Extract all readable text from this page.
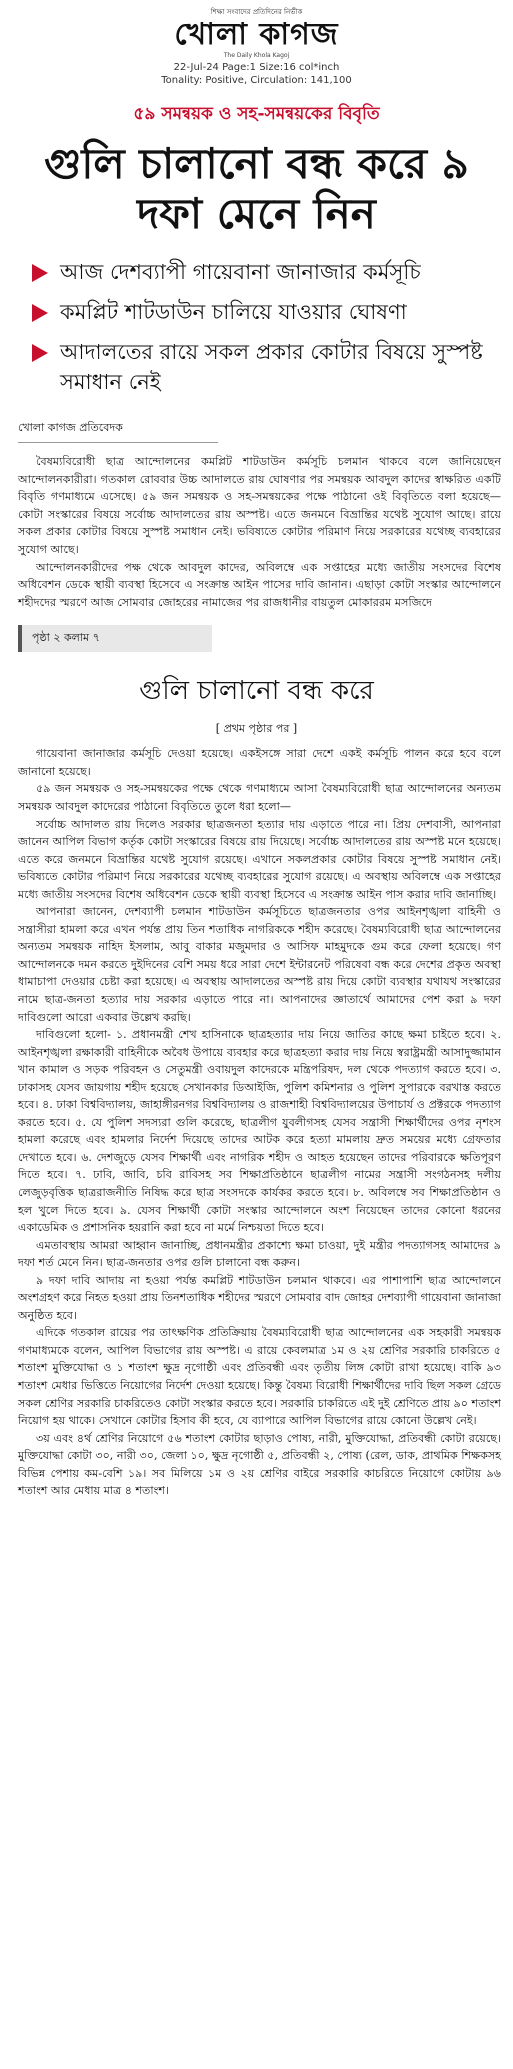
শিক্ষা সংবাদের প্রতিদিনের নির্ভীক
খোলা কাগজ
The Daily Khola Kagoj
22-Jul-24 Page:1 Size:16 col*inch
Tonality: Positive, Circulation: 141,100
৫৯ সমন্বয়ক ও সহ-সমন্বয়কের বিবৃতি
গুলি চালানো বন্ধ করে ৯ দফা মেনে নিন
আজ দেশব্যাপী গায়েবানা জানাজার কর্মসূচি
কমপ্লিট শাটডাউন চালিয়ে যাওয়ার ঘোষণা
আদালতের রায়ে সকল প্রকার কোটার বিষয়ে সুস্পষ্ট সমাধান নেই
খোলা কাগজ প্রতিবেদক

বৈষম্যবিরোধী ছাত্র আন্দোলনের কমপ্লিট শাটডাউন কর্মসূচি চলমান থাকবে বলে জানিয়েছেন আন্দোলনকারীরা। গতকাল রোববার উচ্চ আদালতে রায় ঘোষণার পর সমন্বয়ক আবদুল কাদের স্বাক্ষরিত একটি বিবৃতি গণমাধ্যমে এসেছে। ৫৯ জন সমন্বয়ক ও সহ-সমন্বয়কের পক্ষে পাঠানো ওই বিবৃতিতে বলা হয়েছে— কোটা সংস্কারের বিষয়ে সর্বোচ্চ আদালতের রায় অস্পষ্ট। এতে জনমনে বিভ্রান্তির যথেষ্ট সুযোগ আছে। রায়ে সকল প্রকার কোটার বিষয়ে সুস্পষ্ট সমাধান নেই। ভবিষ্যতে কোটার পরিমাণ নিয়ে সরকারের যথেচ্ছ ব্যবহারের সুযোগ আছে।

আন্দোলনকারীদের পক্ষ থেকে আবদুল কাদের, অবিলম্বে এক সপ্তাহের মধ্যে জাতীয় সংসদের বিশেষ অধিবেশন ডেকে স্থায়ী ব্যবস্থা হিসেবে এ সংক্রান্ত আইন পাসের দাবি জানান। এছাড়া কোটা সংস্কার আন্দোলনে শহীদদের স্মরণে আজ সোমবার জোহরের নামাজের পর রাজধানীর বায়তুল মোকাররম মসজিদে

পৃষ্ঠা ২ কলাম ৭
গুলি চালানো বন্ধ করে
[ প্রথম পৃষ্ঠার পর ]

গায়েবানা জানাজার কর্মসূচি দেওয়া হয়েছে। একইসঙ্গে সারা দেশে একই কর্মসূচি পালন করে হবে বলে জানানো হয়েছে।

৫৯ জন সমন্বয়ক ও সহ-সমন্বয়কের পক্ষে থেকে গণমাধ্যমে আসা বৈষম্যবিরোধী ছাত্র আন্দোলনের অন্যতম সমন্বয়ক আবদুল কাদেরের পাঠানো বিবৃতিতে তুলে ধরা হলো—

সর্বোচ্চ আদালত রায় দিলেও সরকার ছাত্রজনতা হত্যার দায় এড়াতে পারে না। প্রিয় দেশবাসী, আপনারা জানেন আপিল বিভাগ কর্তৃক কোটা সংস্কারের বিষয়ে রায় দিয়েছে। সর্বোচ্চ আদালতের রায় অস্পষ্ট মনে হয়েছে। এতে করে জনমনে বিভ্রান্তির যথেষ্ট সুযোগ রয়েছে। এখানে সকলপ্রকার কোটার বিষয়ে সুস্পষ্ট সমাধান নেই। ভবিষ্যতে কোটার পরিমাণ নিয়ে সরকারের যথেচ্ছ ব্যবহারের সুযোগ রয়েছে। এ অবস্থায় অবিলম্বে এক সপ্তাহের মধ্যে জাতীয় সংসদের বিশেষ অধিবেশন ডেকে স্থায়ী ব্যবস্থা হিসেবে এ সংক্রান্ত আইন পাস করার দাবি জানাচ্ছি।

আপনারা জানেন, দেশব্যাপী চলমান শাটডাউন কর্মসূচিতে ছাত্রজনতার ওপর আইনশৃঙ্খলা বাহিনী ও সন্ত্রাসীরা হামলা করে এখন পর্যন্ত প্রায় তিন শতাধিক নাগরিককে শহীদ করেছে। বৈষম্যবিরোধী ছাত্র আন্দোলনের অন্যতম সমন্বয়ক নাহিদ ইসলাম, আবু বাকার মজুমদার ও আসিফ মাহমুদকে গুম করে ফেলা হয়েছে। গণ আন্দোলনকে দমন করতে দুইদিনের বেশি সময় ধরে সারা দেশে ইন্টারনেট পরিষেবা বন্ধ করে দেশের প্রকৃত অবস্থা ধামাচাপা দেওয়ার চেষ্টা করা হয়েছে। এ অবস্থায় আদালতের অস্পষ্ট রায় দিয়ে কোটা ব্যবস্থার যথাযথ সংস্কারের নামে ছাত্র-জনতা হত্যার দায় সরকার এড়াতে পারে না। আপনাদের জ্ঞাতার্থে আমাদের পেশ করা ৯ দফা দাবিগুলো আরো একবার উল্লেখ করছি।

দাবিগুলো হলো- ১. প্রধানমন্ত্রী শেখ হাসিনাকে ছাত্রহত্যার দায় নিয়ে জাতির কাছে ক্ষমা চাইতে হবে। ২. আইনশৃঙ্খলা রক্ষাকারী বাহিনীকে অবৈধ উপায়ে ব্যবহার করে ছাত্রহত্যা করার দায় নিয়ে স্বরাষ্ট্রমন্ত্রী আসাদুজ্জামান খান কামাল ও সড়ক পরিবহন ও সেতুমন্ত্রী ওবায়দুল কাদেরকে মন্ত্রিপরিষদ, দল থেকে পদত্যাগ করতে হবে। ৩. ঢাকাসহ যেসব জায়গায় শহীদ হয়েছে সেখানকার ডিআইজি, পুলিশ কমিশনার ও পুলিশ সুপারকে বরখাস্ত করতে হবে। ৪. ঢাকা বিশ্ববিদ্যালয়, জাহাঙ্গীরনগর বিশ্ববিদ্যালয় ও রাজশাহী বিশ্ববিদ্যালয়ের উপাচার্য ও প্রক্টরকে পদত্যাগ করতে হবে। ৫. যে পুলিশ সদস্যরা গুলি করেছে, ছাত্রলীগ যুবলীগসহ যেসব সন্ত্রাসী শিক্ষার্থীদের ওপর নৃশংস হামলা করেছে এবং হামলার নির্দেশ দিয়েছে তাদের আটক করে হত্যা মামলায় দ্রুত সময়ের মধ্যে গ্রেফতার দেখাতে হবে। ৬. দেশজুড়ে যেসব শিক্ষার্থী এবং নাগরিক শহীদ ও আহত হয়েছেন তাদের পরিবারকে ক্ষতিপূরণ দিতে হবে। ৭. ঢাবি, জাবি, চবি রাবিসহ সব শিক্ষাপ্রতিষ্ঠানে ছাত্রলীগ নামের সন্ত্রাসী সংগঠনসহ দলীয় লেজুড়বৃত্তিক ছাত্ররাজনীতি নিষিদ্ধ করে ছাত্র সংসদকে কার্যকর করতে হবে। ৮. অবিলম্বে সব শিক্ষাপ্রতিষ্ঠান ও হল খুলে দিতে হবে। ৯. যেসব শিক্ষার্থী কোটা সংস্কার আন্দোলনে অংশ নিয়েছেন তাদের কোনো ধরনের একাডেমিক ও প্রশাসনিক হয়রানি করা হবে না মর্মে নিশ্চয়তা দিতে হবে।

এমতাবস্থায় আমরা আহ্বান জানাচ্ছি, প্রধানমন্ত্রীর প্রকাশ্যে ক্ষমা চাওয়া, দুই মন্ত্রীর পদত্যাগসহ আমাদের ৯ দফা শর্ত মেনে নিন। ছাত্র-জনতার ওপর গুলি চালানো বন্ধ করুন।

৯ দফা দাবি আদায় না হওয়া পর্যন্ত কমপ্লিট শাটডাউন চলমান থাকবে। এর পাশাপাশি ছাত্র আন্দোলনে অংশগ্রহণ করে নিহত হওয়া প্রায় তিনশতাধিক শহীদের স্মরণে সোমবার বাদ জোহর দেশব্যাপী গায়েবানা জানাজা অনুষ্ঠিত হবে।

এদিকে গতকাল রায়ের পর তাৎক্ষণিক প্রতিক্রিয়ায় বৈষম্যবিরোধী ছাত্র আন্দোলনের এক সহকারী সমন্বয়ক গণমাধ্যমকে বলেন, আপিল বিভাগের রায় অস্পষ্ট। এ রায়ে কেবলমাত্র ১ম ও ২য় শ্রেণির সরকারি চাকরিতে ৫ শতাংশ মুক্তিযোদ্ধা ও ১ শতাংশ ক্ষুদ্র নৃগোষ্ঠী এবং প্রতিবন্ধী এবং তৃতীয় লিঙ্গ কোটা রাখা হয়েছে। বাকি ৯৩ শতাংশ মেধার ভিত্তিতে নিয়োগের নির্দেশ দেওয়া হয়েছে। কিন্তু বৈষম্য বিরোধী শিক্ষার্থীদের দাবি ছিল সকল গ্রেডে সকল শ্রেণির সরকারি চাকরিতেও কোটা সংস্কার করতে হবে। সরকারি চাকরিতে এই দুই শ্রেণিতে প্রায় ৯০ শতাংশ নিয়োগ হয় থাকে। সেখানে কোটার হিসাব কী হবে, যে ব্যাপারে আপিল বিভাগের রায়ে কোনো উল্লেখ নেই।

৩য় এবং ৪র্থ শ্রেণির নিয়োগে ৫৬ শতাংশ কোটার ছাড়াও পোষ্য, নারী, মুক্তিযোদ্ধা, প্রতিবন্ধী কোটা রয়েছে। মুক্তিযোদ্ধা কোটা ৩০, নারী ৩০, জেলা ১০, ক্ষুদ্র নৃগোষ্ঠী ৫, প্রতিবন্ধী ২, পোষ্য (রেল, ডাক, প্রাথমিক শিক্ষকসহ বিভিন্ন পেশায় কম-বেশি ১৯। সব মিলিয়ে ১ম ও ২য় শ্রেণির বাইরে সরকারি কাচরিতে নিয়োগে কোটায় ৯৬ শতাংশ আর মেধায় মাত্র ৪ শতাংশ।
